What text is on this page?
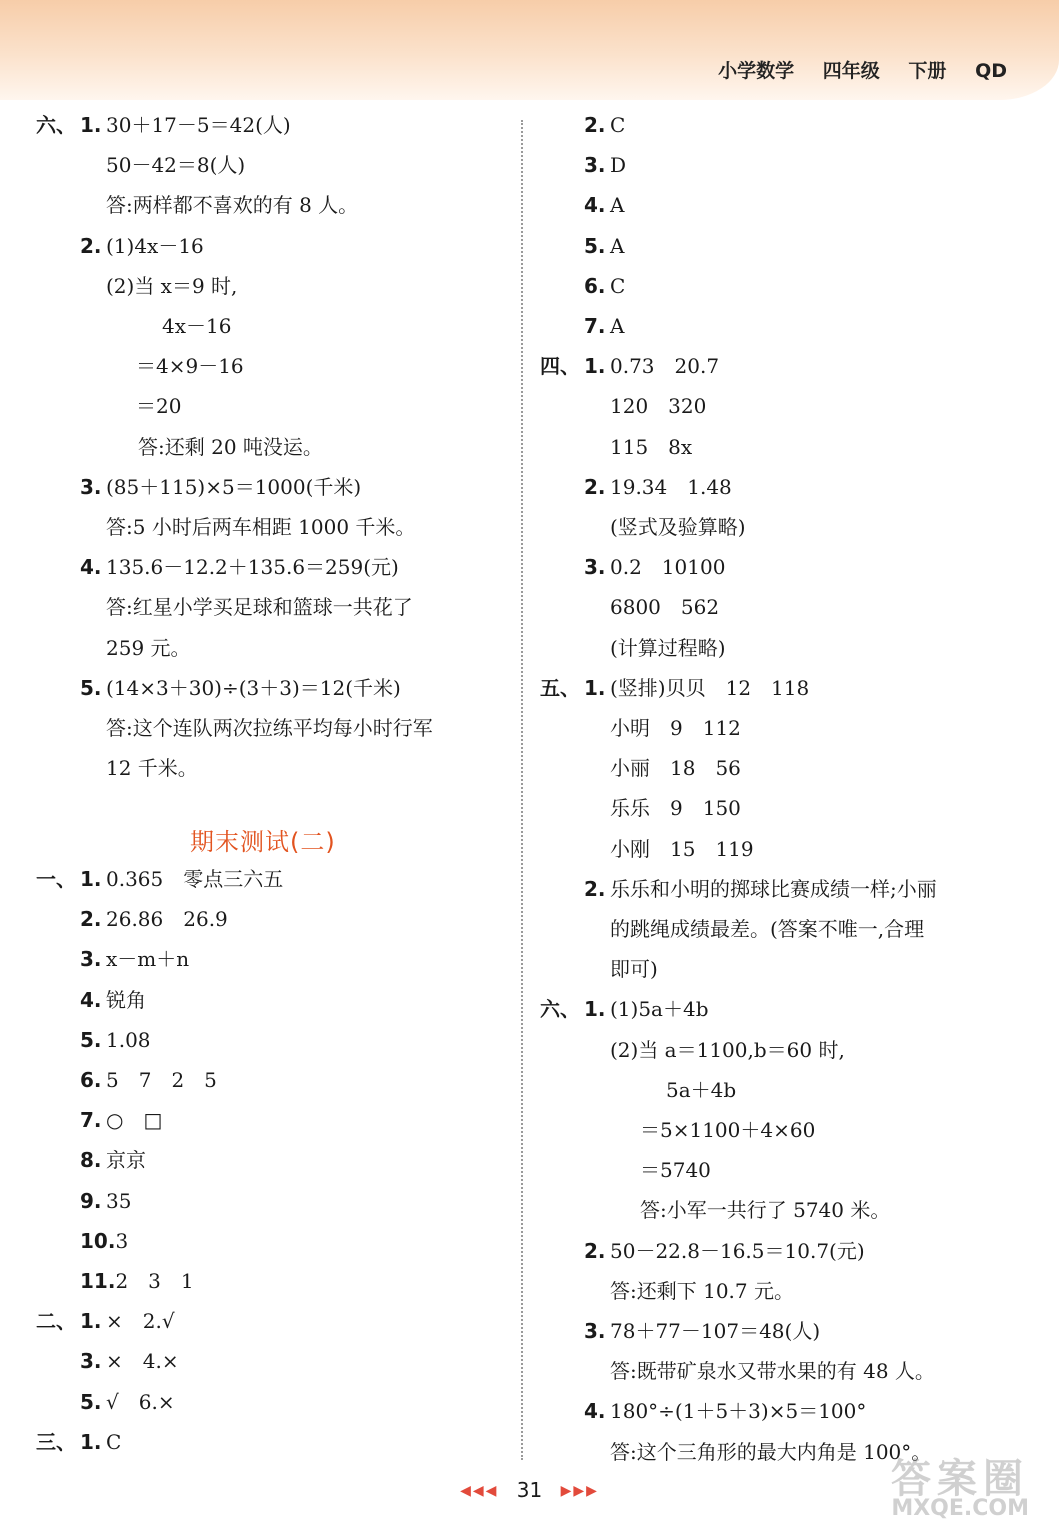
小学数学 四年级 下册 QD
六、 1. 30＋17－5＝42(人)
50－42＝8(人)
答:两样都不喜欢的有 8 人。
2. (1)4x－16
(2)当 x＝9 时,
4x－16
＝4×9－16
＝20
答:还剩 20 吨没运。
3. (85＋115)×5＝1000(千米)
答:5 小时后两车相距 1000 千米。
4. 135.6－12.2＋135.6＝259(元)
答:红星小学买足球和篮球一共花了
259 元。
5. (14×3＋30)÷(3＋3)＝12(千米)
答:这个连队两次拉练平均每小时行军
12 千米。
期末测试(二)
一、 1. 0.365　零点三六五
2. 26.86　26.9
3. x－m＋n
4. 锐角
5. 1.08
6. 5　7　2　5
7. ○　□
8. 京京
9. 35
10.3
11.2　3　1
二、 1. ×　2.√
3. ×　4.×
5. √　6.×
三、 1. C
2. C
3. D
4. A
5. A
6. C
7. A
四、 1. 0.73　20.7
120　320
115　8x
2. 19.34　1.48
(竖式及验算略)
3. 0.2　10100
6800　562
(计算过程略)
五、 1. (竖排)贝贝　12　118
小明　9　112
小丽　18　56
乐乐　9　150
小刚　15　119
2. 乐乐和小明的掷球比赛成绩一样;小丽
的跳绳成绩最差。(答案不唯一,合理
即可)
六、 1. (1)5a＋4b
(2)当 a＝1100,b＝60 时,
5a＋4b
＝5×1100＋4×60
＝5740
答:小军一共行了 5740 米。
2. 50－22.8－16.5＝10.7(元)
答:还剩下 10.7 元。
3. 78＋77－107＝48(人)
答:既带矿泉水又带水果的有 48 人。
4. 180°÷(1＋5＋3)×5＝100°
答:这个三角形的最大内角是 100°。
◀◀◀ 31 ▶▶▶	答案圈
MXQE.COM
